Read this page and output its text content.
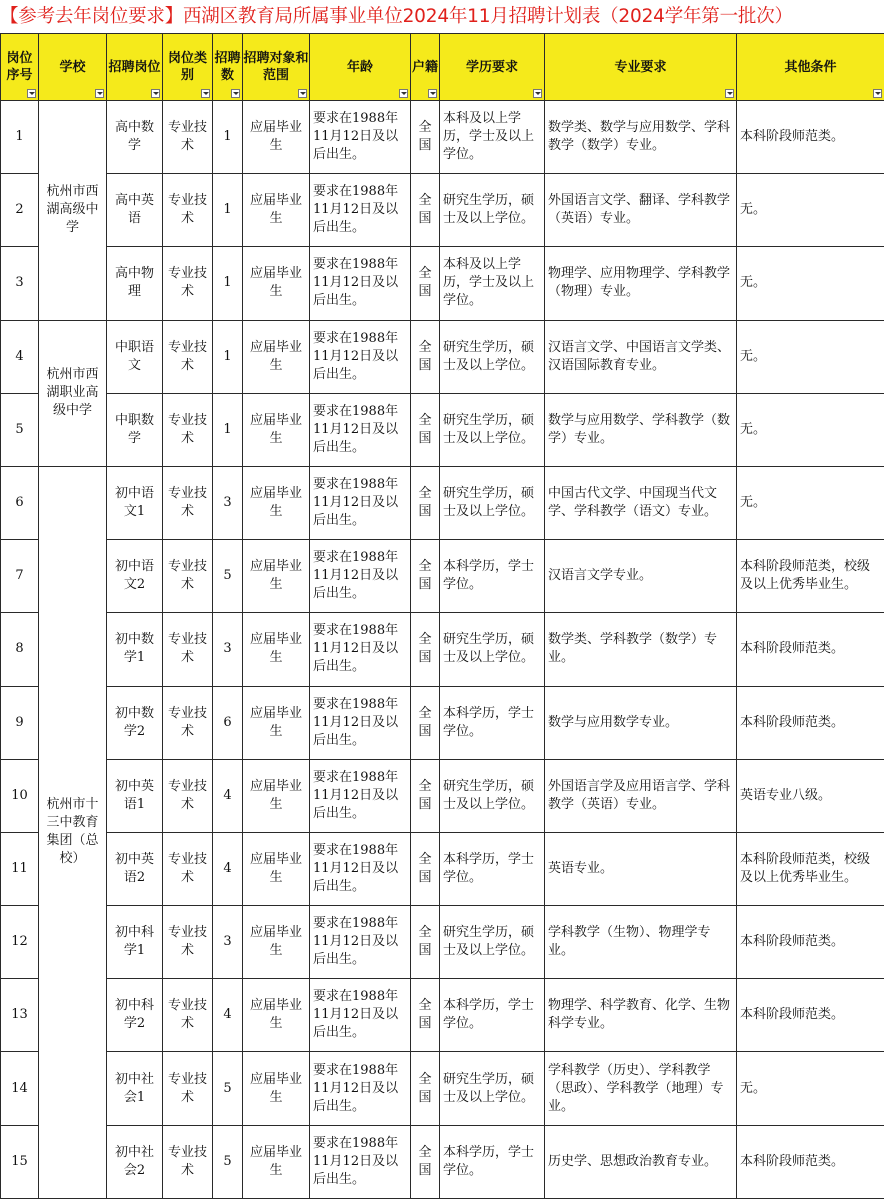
【参考去年岗位要求】西湖区教育局所属事业单位2024年11月招聘计划表（2024学年第一批次）
岗位序号	学校	招聘岗位	岗位类别	招聘数	招聘对象和范围	年龄	户籍	学历要求	专业要求	其他条件

1	杭州市西湖高级中学	高中数学	专业技术	1	应届毕业生	要求在1988年11月12日及以后出生。	全国	本科及以上学历，学士及以上学位。	数学类、数学与应用数学、学科教学（数学）专业。	本科阶段师范类。
2		高中英语	专业技术	1	应届毕业生	要求在1988年11月12日及以后出生。	全国	研究生学历，硕士及以上学位。	外国语言文学、翻译、学科教学（英语）专业。	无。
3		高中物理	专业技术	1	应届毕业生	要求在1988年11月12日及以后出生。	全国	本科及以上学历，学士及以上学位。	物理学、应用物理学、学科教学（物理）专业。	无。
4	杭州市西湖职业高级中学	中职语文	专业技术	1	应届毕业生	要求在1988年11月12日及以后出生。	全国	研究生学历，硕士及以上学位。	汉语言文学、中国语言文学类、汉语国际教育专业。	无。
5		中职数学	专业技术	1	应届毕业生	要求在1988年11月12日及以后出生。	全国	研究生学历，硕士及以上学位。	数学与应用数学、学科教学（数学）专业。	无。
6	杭州市十三中教育集团（总校）	初中语文1	专业技术	3	应届毕业生	要求在1988年11月12日及以后出生。	全国	研究生学历，硕士及以上学位。	中国古代文学、中国现当代文学、学科教学（语文）专业。	无。
7		初中语文2	专业技术	5	应届毕业生	要求在1988年11月12日及以后出生。	全国	本科学历，学士学位。	汉语言文学专业。	本科阶段师范类，校级及以上优秀毕业生。
8		初中数学1	专业技术	3	应届毕业生	要求在1988年11月12日及以后出生。	全国	研究生学历，硕士及以上学位。	数学类、学科教学（数学）专业。	本科阶段师范类。
9		初中数学2	专业技术	6	应届毕业生	要求在1988年11月12日及以后出生。	全国	本科学历，学士学位。	数学与应用数学专业。	本科阶段师范类。
10		初中英语1	专业技术	4	应届毕业生	要求在1988年11月12日及以后出生。	全国	研究生学历，硕士及以上学位。	外国语言学及应用语言学、学科教学（英语）专业。	英语专业八级。
11		初中英语2	专业技术	4	应届毕业生	要求在1988年11月12日及以后出生。	全国	本科学历，学士学位。	英语专业。	本科阶段师范类，校级及以上优秀毕业生。
12		初中科学1	专业技术	3	应届毕业生	要求在1988年11月12日及以后出生。	全国	研究生学历，硕士及以上学位。	学科教学（生物）、物理学专业。	本科阶段师范类。
13		初中科学2	专业技术	4	应届毕业生	要求在1988年11月12日及以后出生。	全国	本科学历，学士学位。	物理学、科学教育、化学、生物科学专业。	本科阶段师范类。
14		初中社会1	专业技术	5	应届毕业生	要求在1988年11月12日及以后出生。	全国	研究生学历，硕士及以上学位。	学科教学（历史）、学科教学（思政）、学科教学（地理）专业。	无。
15		初中社会2	专业技术	5	应届毕业生	要求在1988年11月12日及以后出生。	全国	本科学历，学士学位。	历史学、思想政治教育专业。	本科阶段师范类。
